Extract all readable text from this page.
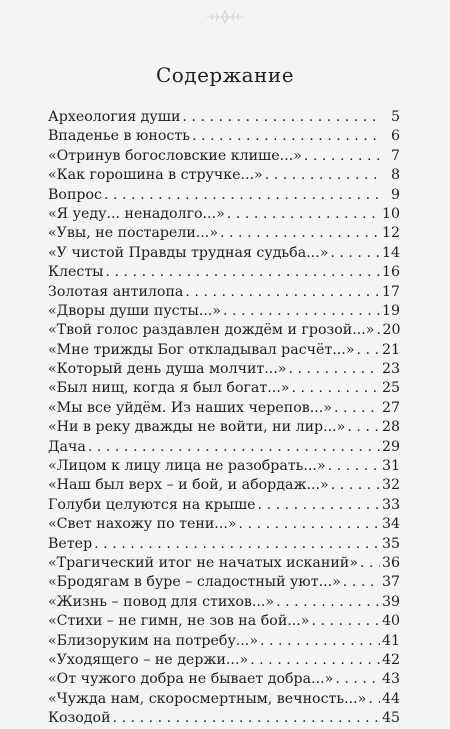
Содержание
Археология души . . .	5
Впаденье в юность . . .	6
«Отринув богословские клише...» . . .	7
«Как горошина в стручке...» . . .	8
Вопрос . . .	9
«Я уеду... ненадолго...» . . .	10
«Увы, не постарели...» . . .	12
«У чистой Правды трудная судьба...» . . .	14
Клесты . . .	16
Золотая антилопа . . .	17
«Дворы души пусты...» . . .	19
«Твой голос раздавлен дождём и грозой...» . . . 20
«Мне трижды Бог откладывал расчёт...» . . . 21
«Который день душа молчит...» . . .	23
«Был нищ, когда я был богат...» . . .	25
«Мы все уйдём. Из наших черепов...» . . .	27
«Ни в реку дважды не войти, ни лир...» . . .	28
Дача . . .	29
«Лицом к лицу лица не разобрать...» . . .	31
«Наш был верх – и бой, и абордаж...» . . .	32
Голуби целуются на крыше . . .	33
«Свет нахожу по тени...» . . .	34
Ветер . . .	35
«Трагический итог не начатых исканий» . . . 36
«Бродягам в буре – сладостный уют...» . . .	37
«Жизнь – повод для стихов...» . . .	39
«Стихи – не гимн, не зов на бой...» . . .	40
«Близоруким на потребу...» . . .	41
«Уходящего – не держи...» . . .	42
«От чужого добра не бывает добра...» . . .	43
«Чужда нам, скоросмертным, вечность...» . . . 44
Козодой . . .	45
